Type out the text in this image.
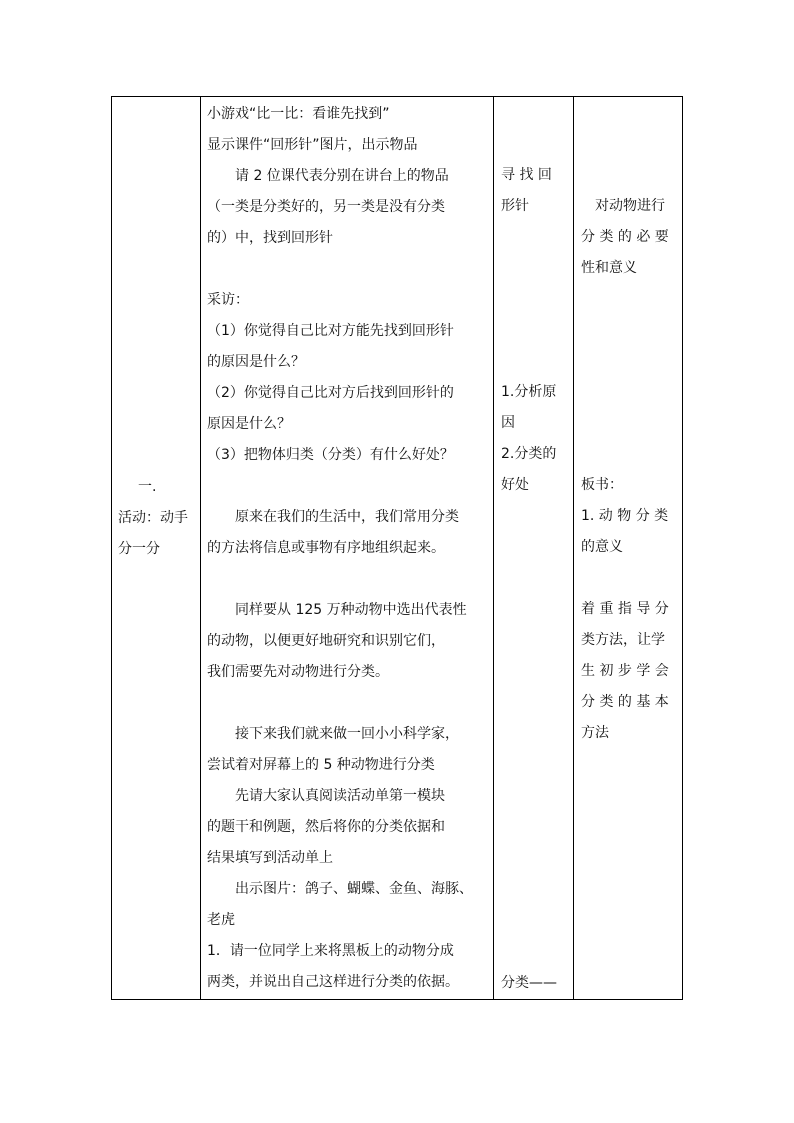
一.

活动：动手

分一分

小游戏“比一比：看谁先找到”

显示课件“回形针”图片，出示物品

请 2 位课代表分别在讲台上的物品

（一类是分类好的，另一类是没有分类

的）中，找到回形针

采访：

（1）你觉得自己比对方能先找到回形针

的原因是什么？

（2）你觉得自己比对方后找到回形针的

原因是什么？

（3）把物体归类（分类）有什么好处？

原来在我们的生活中，我们常用分类

的方法将信息或事物有序地组织起来。

同样要从 125 万种动物中选出代表性

的动物，以便更好地研究和识别它们，

我们需要先对动物进行分类。

接下来我们就来做一回小小科学家，

尝试着对屏幕上的 5 种动物进行分类

先请大家认真阅读活动单第一模块

的题干和例题，然后将你的分类依据和

结果填写到活动单上

出示图片：鸽子、蝴蝶、金鱼、海豚、

老虎

1．请一位同学上来将黑板上的动物分成

两类，并说出自己这样进行分类的依据。

寻 找 回

形针

1.分析原

因

2.分类的

好处

分类——

对动物进行

分 类 的 必 要

性和意义

板书：

1. 动 物 分 类

的意义

着 重 指 导 分

类方法，让学

生 初 步 学 会

分 类 的 基 本

方法
